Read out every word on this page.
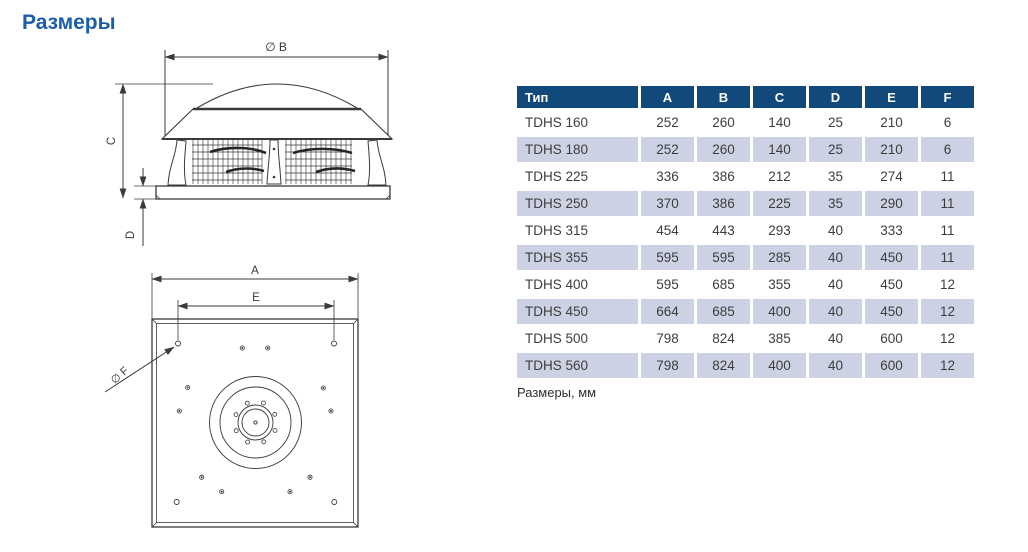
Размеры
∅ B
C
D
A
E
∅ F
Тип	A	B	C	D	E	F
TDHS 160	252	260	140	25	210	6
TDHS 180	252	260	140	25	210	6
TDHS 225	336	386	212	35	274	11
TDHS 250	370	386	225	35	290	11
TDHS 315	454	443	293	40	333	11
TDHS 355	595	595	285	40	450	11
TDHS 400	595	685	355	40	450	12
TDHS 450	664	685	400	40	450	12
TDHS 500	798	824	385	40	600	12
TDHS 560	798	824	400	40	600	12
Размеры, мм
